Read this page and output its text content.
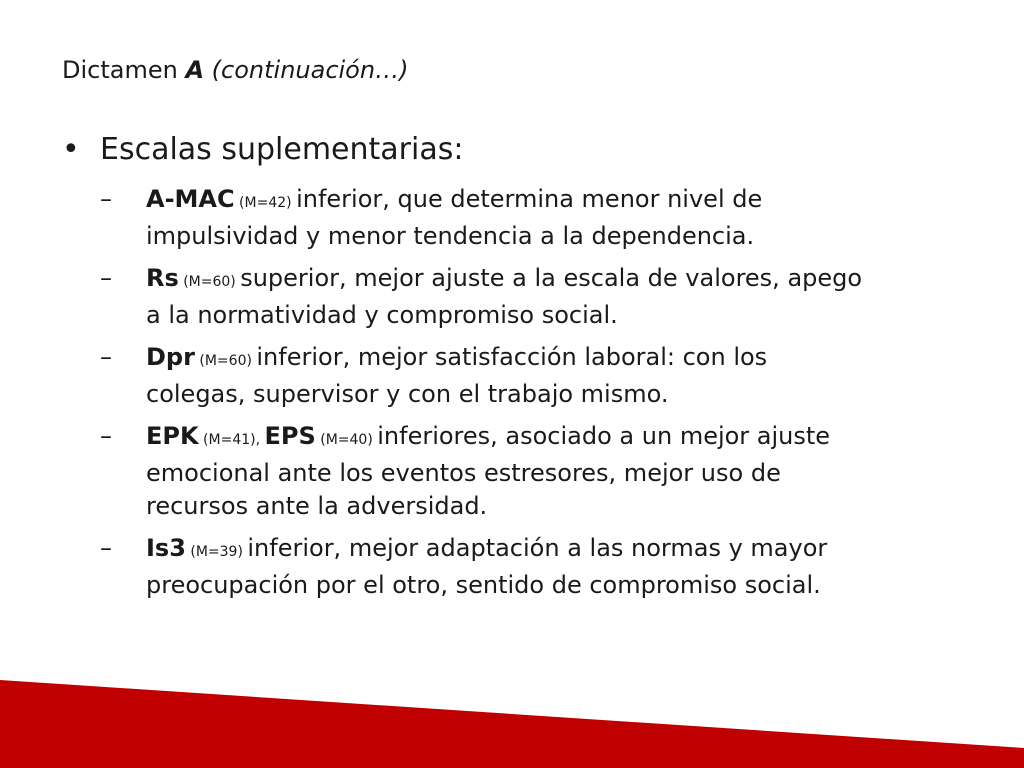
Dictamen A (continuación…)
• Escalas suplementarias:
–	A-MAC (M=42) inferior, que determina menor nivel de
impulsividad y menor tendencia a la dependencia.
–	Rs (M=60) superior, mejor ajuste a la escala de valores, apego
a la normatividad y compromiso social.
–	Dpr (M=60) inferior, mejor satisfacción laboral: con los
colegas, supervisor y con el trabajo mismo.
–	EPK (M=41), EPS (M=40) inferiores, asociado a un mejor ajuste
emocional ante los eventos estresores, mejor uso de
recursos ante la adversidad.
–	Is3 (M=39) inferior, mejor adaptación a las normas y mayor
preocupación por el otro, sentido de compromiso social.
